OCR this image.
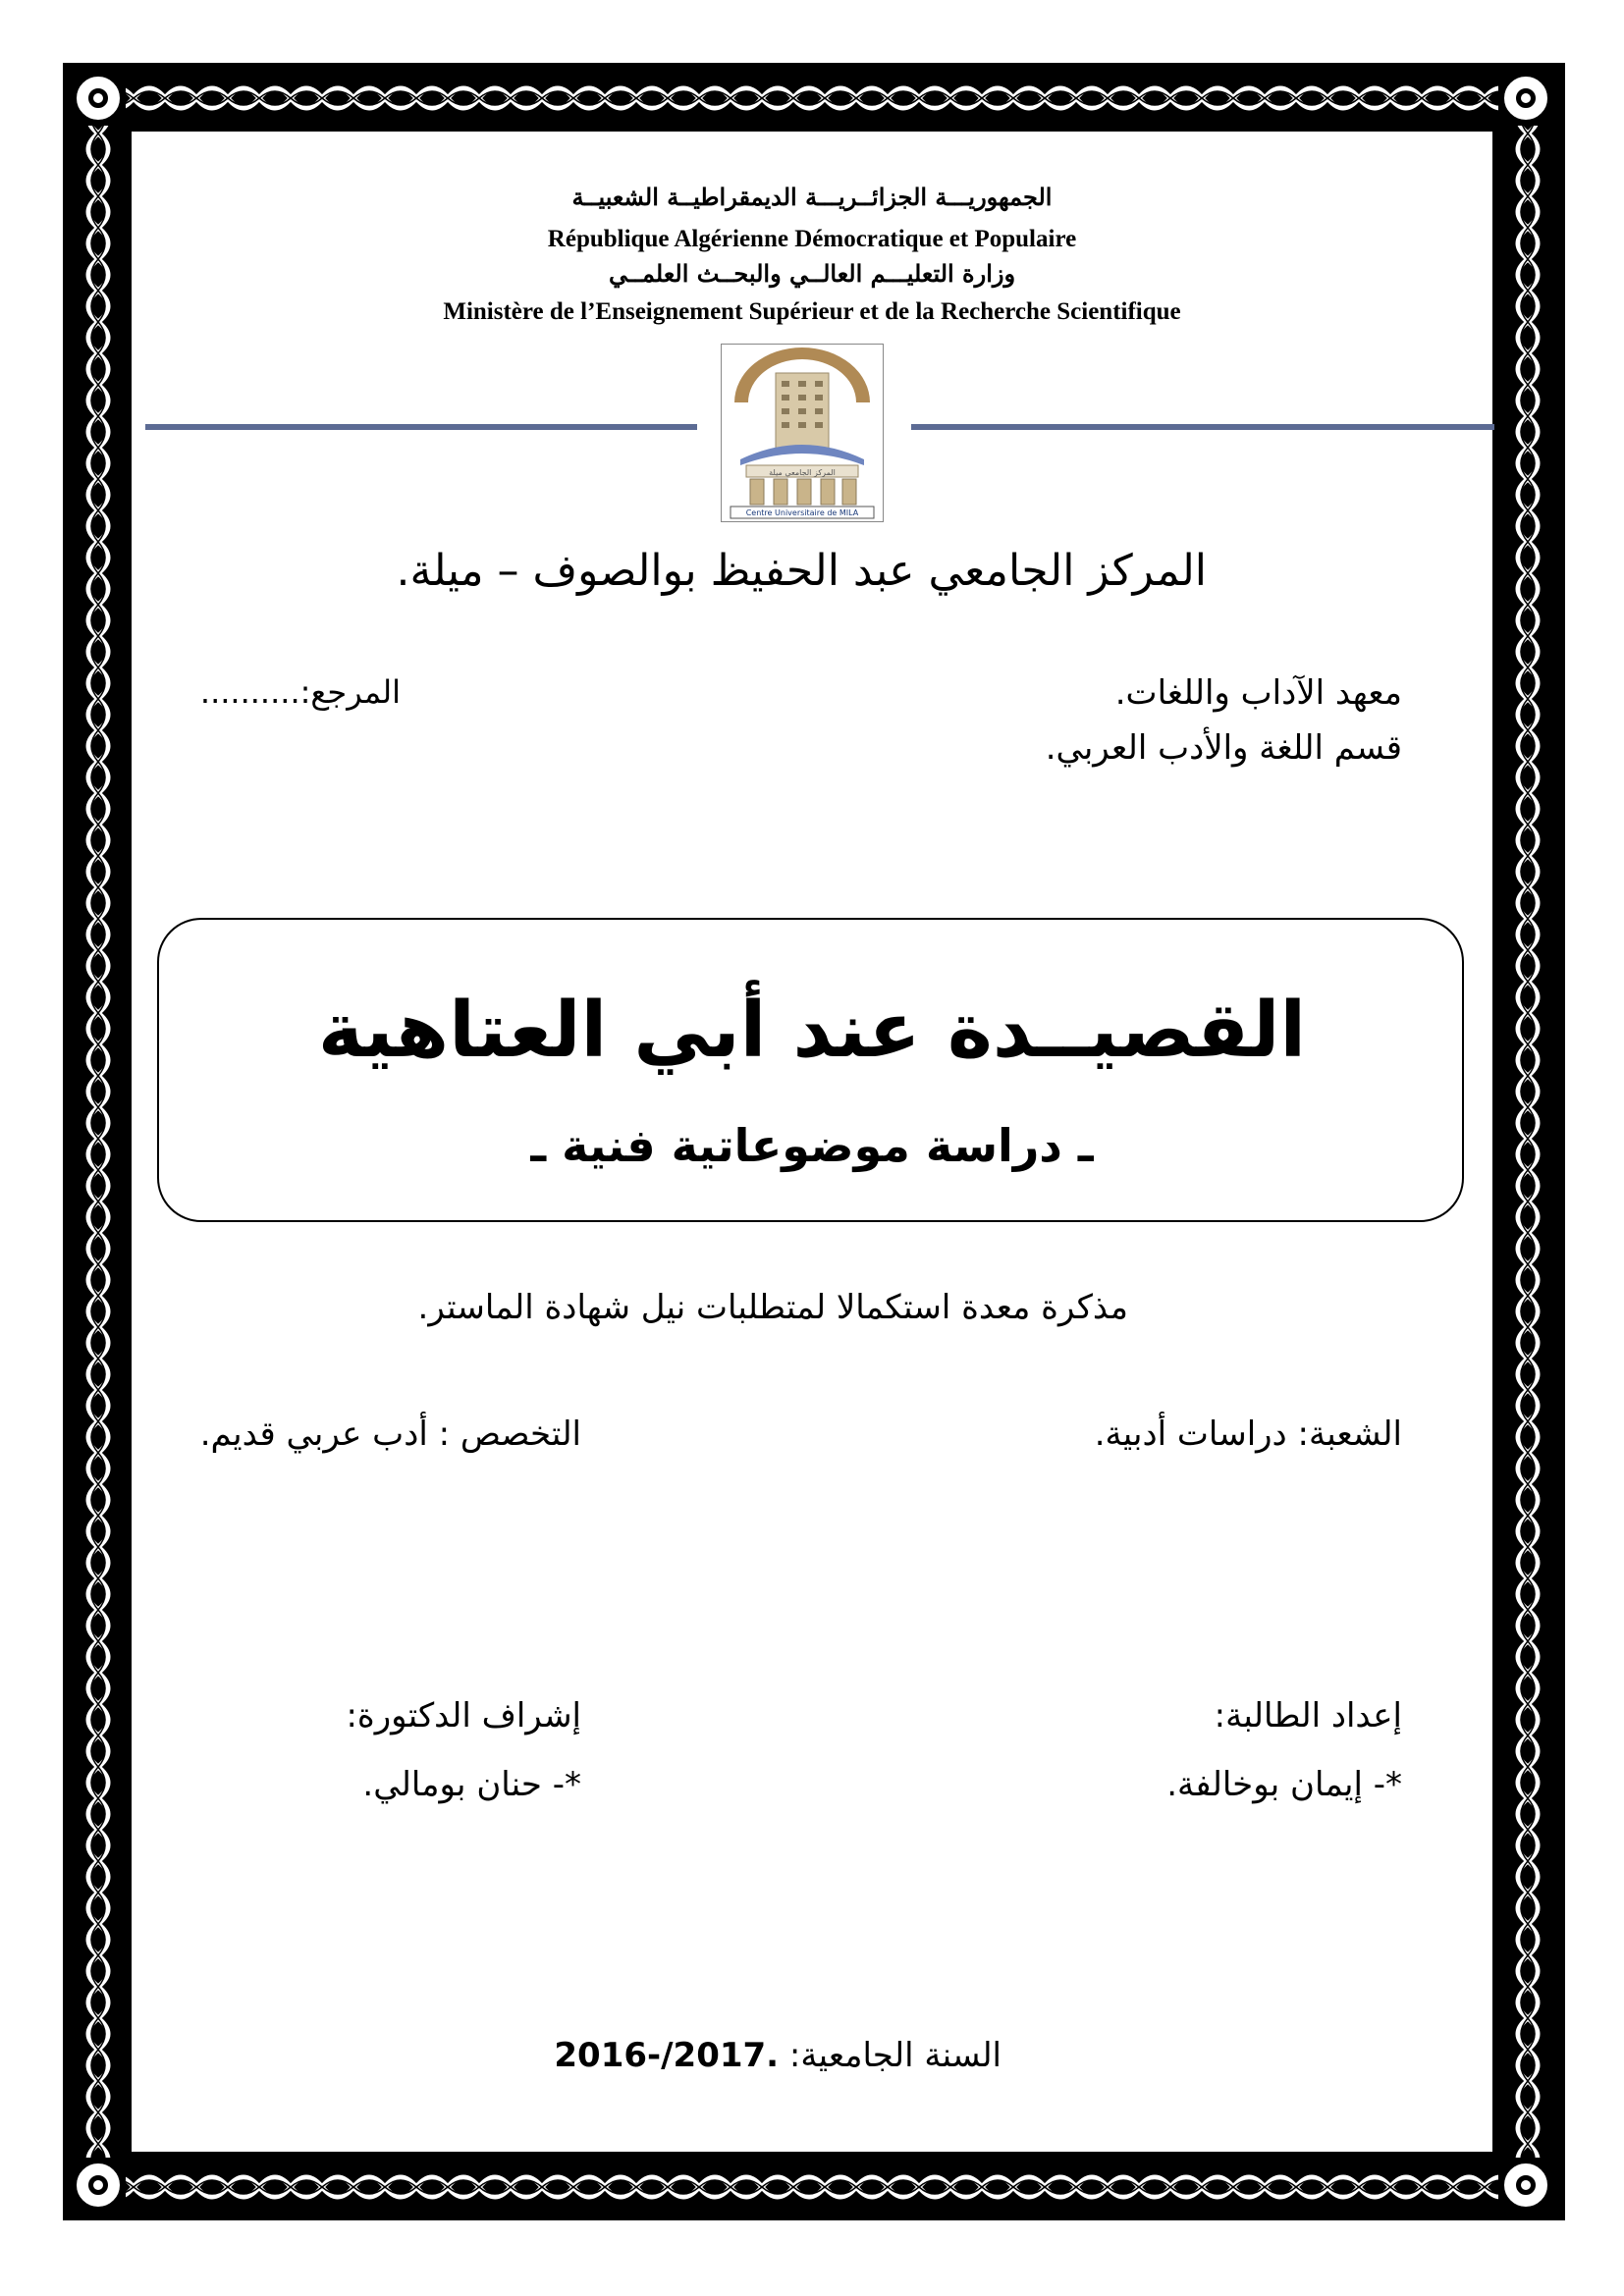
الجمهوريـــة الجزائــريـــة الديمقراطيــة الشعبيــة
République Algérienne Démocratique et Populaire
وزارة التعليـــم العالــي والبحــث العلمــي
Ministère de l’Enseignement Supérieur et de la Recherche Scientifique
المركز الجامعي ميلة
Centre Universitaire de MILA
المركز الجامعي عبد الحفيظ بوالصوف – ميلة.
معهد الآداب واللغات.
قسم اللغة والأدب العربي.
المرجع:..........
القصيــدة عند أبي العتاهية
ـ دراسة موضوعاتية فنية ـ
مذكرة معدة استكمالا لمتطلبات نيل شهادة الماستر.
الشعبة: دراسات أدبية.
التخصص : أدب عربي قديم.
إعداد الطالبة:
*- إيمان بوخالفة.
إشراف الدكتورة:
*- حنان بومالي.
السنة الجامعية: 2016-/2017.
